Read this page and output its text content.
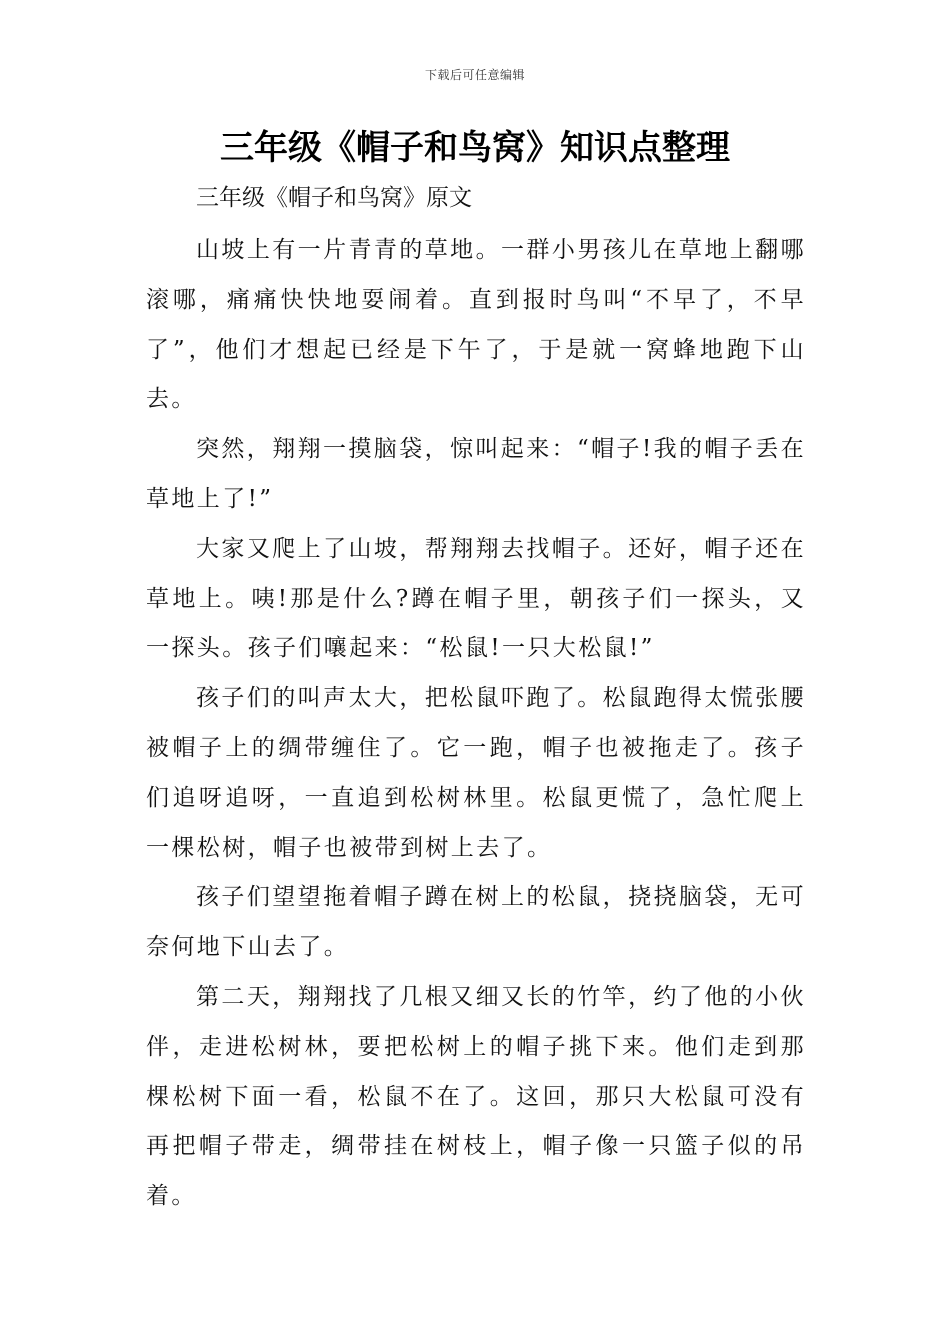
下载后可任意编辑
三年级《帽子和鸟窝》知识点整理

三年级《帽子和鸟窝》原文

山坡上有一片青青的草地。一群小男孩儿在草地上翻哪滚哪，痛痛快快地耍闹着。直到报时鸟叫“不早了，不早了”，他们才想起已经是下午了，于是就一窝蜂地跑下山去。

突然，翔翔一摸脑袋，惊叫起来：“帽子!我的帽子丢在草地上了!”

大家又爬上了山坡，帮翔翔去找帽子。还好，帽子还在草地上。咦!那是什么?蹲在帽子里，朝孩子们一探头，又一探头。孩子们嚷起来：“松鼠!一只大松鼠!”

孩子们的叫声太大，把松鼠吓跑了。松鼠跑得太慌张腰被帽子上的绸带缠住了。它一跑，帽子也被拖走了。孩子们追呀追呀，一直追到松树林里。松鼠更慌了，急忙爬上一棵松树，帽子也被带到树上去了。

孩子们望望拖着帽子蹲在树上的松鼠，挠挠脑袋，无可奈何地下山去了。

第二天，翔翔找了几根又细又长的竹竿，约了他的小伙伴，走进松树林，要把松树上的帽子挑下来。他们走到那棵松树下面一看，松鼠不在了。这回，那只大松鼠可没有再把帽子带走，绸带挂在树枝上，帽子像一只篮子似的吊着。
